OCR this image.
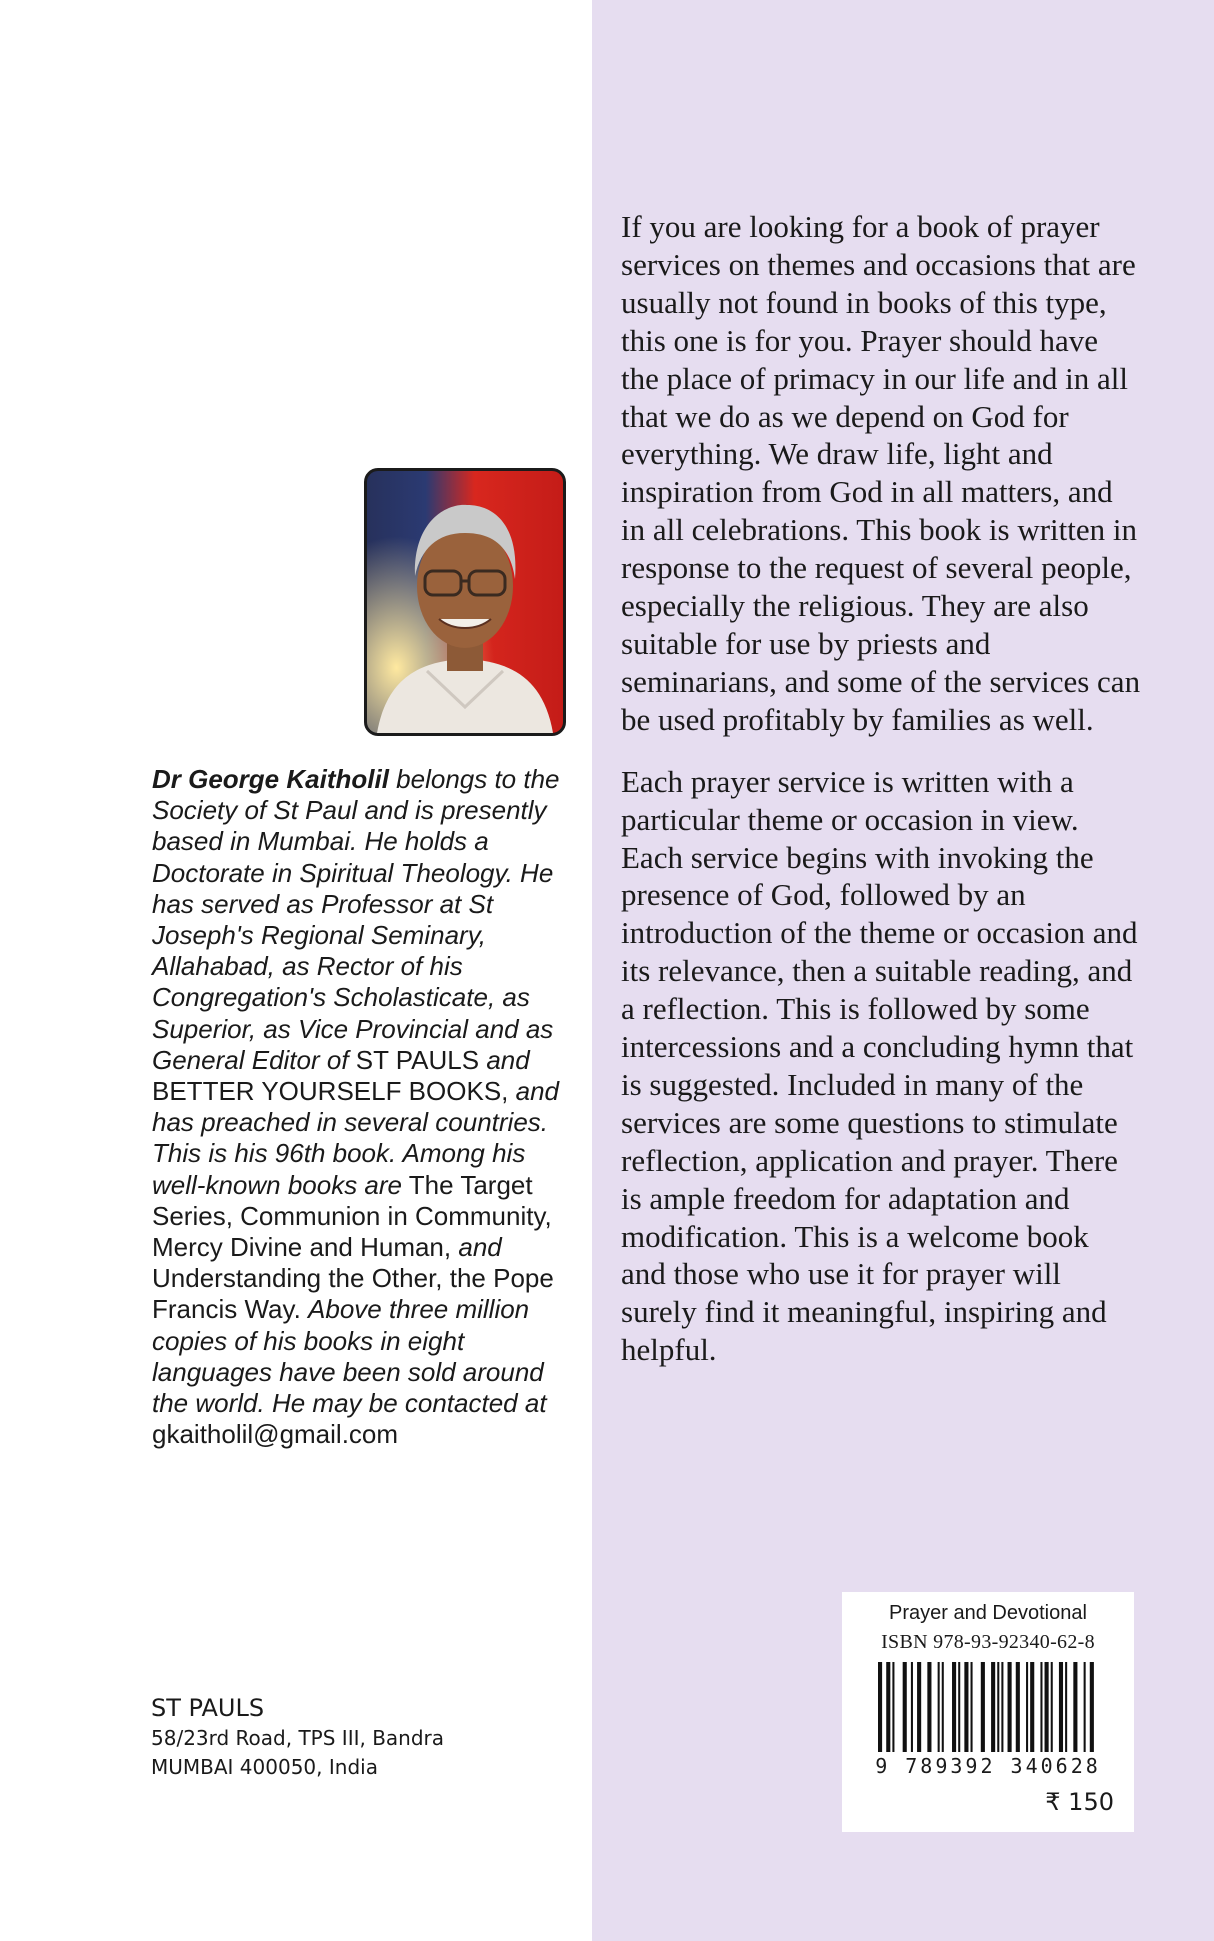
Dr George Kaitholil belongs to the Society of St Paul and is presently based in Mumbai. He holds a Doctorate in Spiritual Theology. He has served as Professor at St Joseph's Regional Seminary, Allahabad, as Rector of his Congregation's Scholasticate, as Superior, as Vice Provincial and as General Editor of ST PAULS and BETTER YOURSELF BOOKS, and has preached in several countries. This is his 96th book. Among his well-known books are The Target Series, Communion in Community, Mercy Divine and Human, and Understanding the Other, the Pope Francis Way. Above three million copies of his books in eight languages have been sold around the world. He may be contacted at gkaitholil@gmail.com
ST PAULS
58/23rd Road, TPS III, Bandra
MUMBAI 400050, India

If you are looking for a book of prayer services on themes and occasions that are usually not found in books of this type, this one is for you. Prayer should have the place of primacy in our life and in all that we do as we depend on God for everything. We draw life, light and inspiration from God in all matters, and in all celebrations. This book is written in response to the request of several people, especially the religious. They are also suitable for use by priests and seminarians, and some of the services can be used profitably by families as well.

Each prayer service is written with a particular theme or occasion in view. Each service begins with invoking the presence of God, followed by an introduction of the theme or occasion and its relevance, then a suitable reading, and a reflection. This is followed by some intercessions and a concluding hymn that is suggested. Included in many of the services are some questions to stimulate reflection, application and prayer. There is ample freedom for adaptation and modification. This is a welcome book and those who use it for prayer will surely find it meaningful, inspiring and helpful.

Prayer and Devotional
ISBN 978-93-92340-62-8
9 789392 340628
₹ 150
